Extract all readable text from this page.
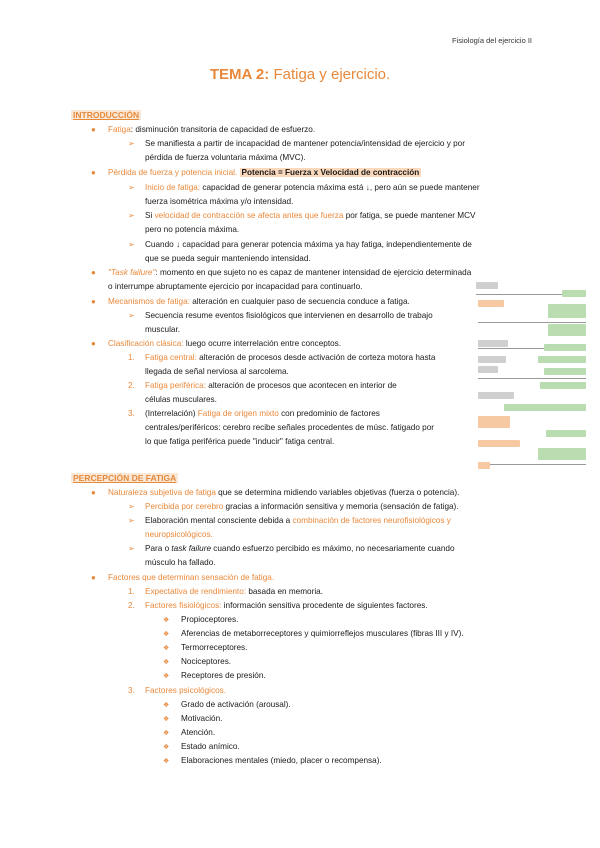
Fisiología del ejercicio II
TEMA 2: Fatiga y ejercicio.
INTRODUCCIÓN
● Fatiga: disminución transitoria de capacidad de esfuerzo.
➢ Se manifiesta a partir de incapacidad de mantener potencia/intensidad de ejercicio y por
pérdida de fuerza voluntaria máxima (MVC).
● Pérdida de fuerza y potencia inicial. Potencia = Fuerza x Velocidad de contracción
➢ Inicio de fatiga: capacidad de generar potencia máxima está ↓, pero aún se puede mantener
fuerza isométrica máxima y/o intensidad.
➢ Si velocidad de contracción se afecta antes que fuerza por fatiga, se puede mantener MCV
pero no potencia máxima.
➢ Cuando ↓ capacidad para generar potencia máxima ya hay fatiga, independientemente de
que se pueda seguir manteniendo intensidad.
● "Task failure": momento en que sujeto no es capaz de mantener intensidad de ejercicio determinada
o interrumpe abruptamente ejercicio por incapacidad para continuarlo.
● Mecanismos de fatiga: alteración en cualquier paso de secuencia conduce a fatiga.
➢ Secuencia resume eventos fisiológicos que intervienen en desarrollo de trabajo
muscular.
● Clasificación clásica: luego ocurre interrelación entre conceptos.
1. Fatiga central: alteración de procesos desde activación de corteza motora hasta
llegada de señal nerviosa al sarcolema.
2. Fatiga periférica: alteración de procesos que acontecen en interior de
células musculares.
3. (Interrelación) Fatiga de origen mixto con predominio de factores
centrales/periféricos: cerebro recibe señales procedentes de músc. fatigado por
lo que fatiga periférica puede "inducir" fatiga central.
PERCEPCIÓN DE FATIGA
● Naturaleza subjetiva de fatiga que se determina midiendo variables objetivas (fuerza o potencia).
➢ Percibida por cerebro gracias a información sensitiva y memoria (sensación de fatiga).
➢ Elaboración mental consciente debida a combinación de factores neurofisiológicos y
neuropsicológicos.
➢ Para o task failure cuando esfuerzo percibido es máximo, no necesariamente cuando
músculo ha fallado.
● Factores que determinan sensación de fatiga.
1. Expectativa de rendimiento: basada en memoria.
2. Factores fisiológicos: información sensitiva procedente de siguientes factores.
❖ Propioceptores.
❖ Aferencias de metaborreceptores y quimiorreflejos musculares (fibras III y IV).
❖ Termorreceptores.
❖ Nociceptores.
❖ Receptores de presión.
3. Factores psicológicos.
❖ Grado de activación (arousal).
❖ Motivación.
❖ Atención.
❖ Estado anímico.
❖ Elaboraciones mentales (miedo, placer o recompensa).
